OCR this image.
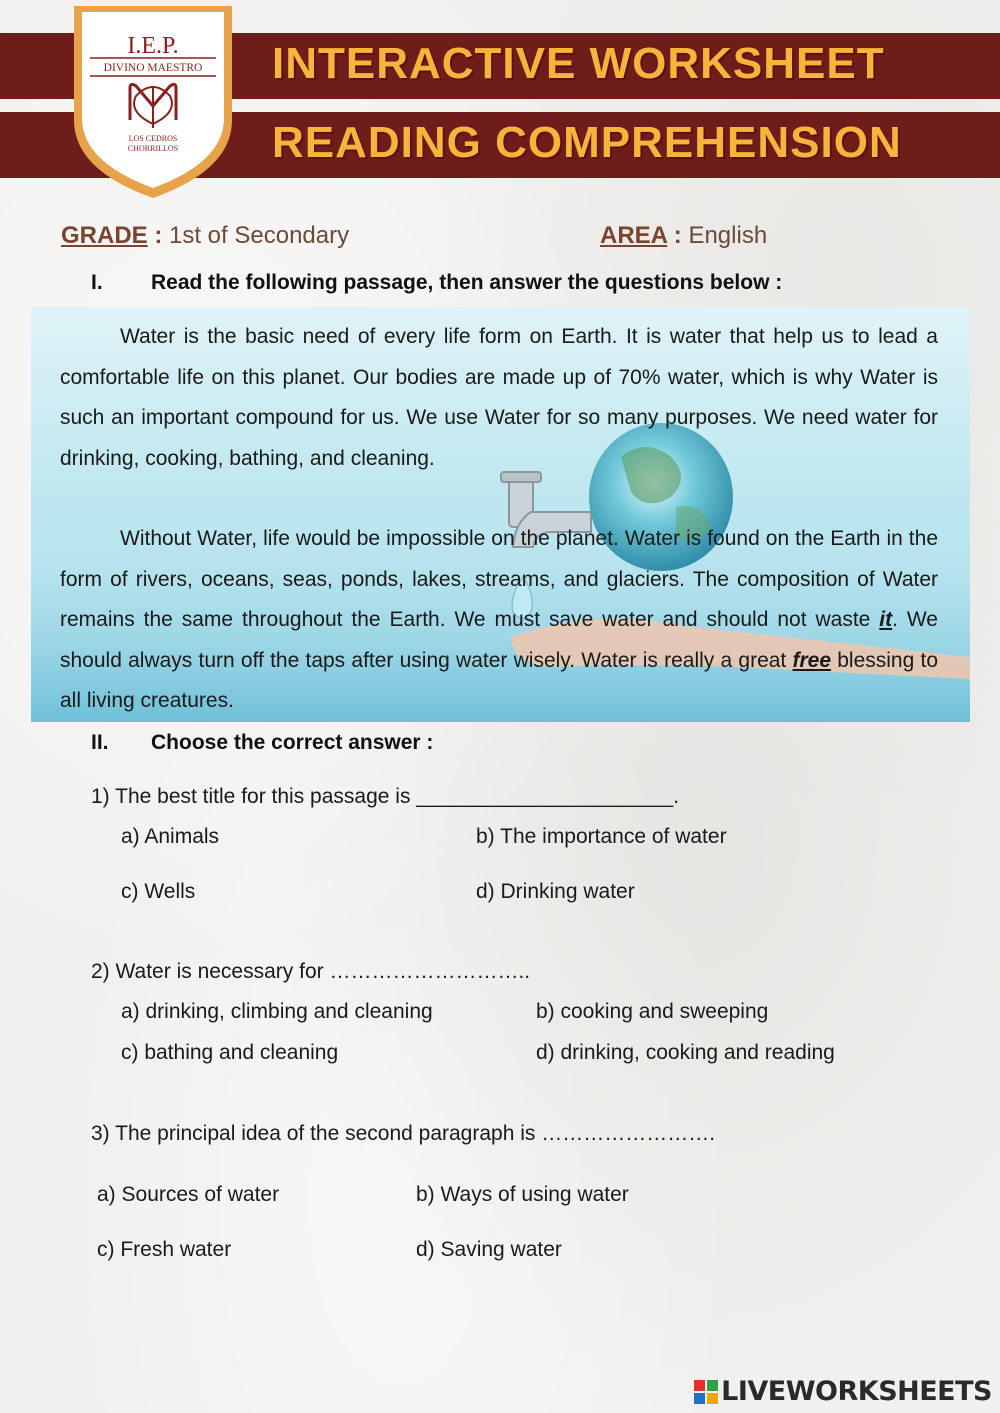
INTERACTIVE WORKSHEET
READING COMPREHENSION
I.E.P.
DIVINO MAESTRO
LOS CEDROS
CHORRILLOS
GRADE : 1st of Secondary	AREA : English
I. Read the following passage, then answer the questions below :
Water is the basic need of every life form on Earth. It is water that help us to lead a comfortable life on this planet. Our bodies are made up of 70% water, which is why Water is such an important compound for us. We use Water for so many purposes. We need water for drinking, cooking, bathing, and cleaning.
Without Water, life would be impossible on the planet. Water is found on the Earth in the form of rivers, oceans, seas, ponds, lakes, streams, and glaciers. The composition of Water remains the same throughout the Earth. We must save water and should not waste it. We should always turn off the taps after using water wisely. Water is really a great free blessing to all living creatures.
II. Choose the correct answer :
1) The best title for this passage is ______________________.
a) Animals	b) The importance of water
c) Wells	d) Drinking water
2) Water is necessary for ………………………..
a) drinking, climbing and cleaning	b) cooking and sweeping
c) bathing and cleaning	d) drinking, cooking and reading
3) The principal idea of the second paragraph is …………………….
a) Sources of water	b) Ways of using water
c) Fresh water	d) Saving water
LIVEWORKSHEETS
